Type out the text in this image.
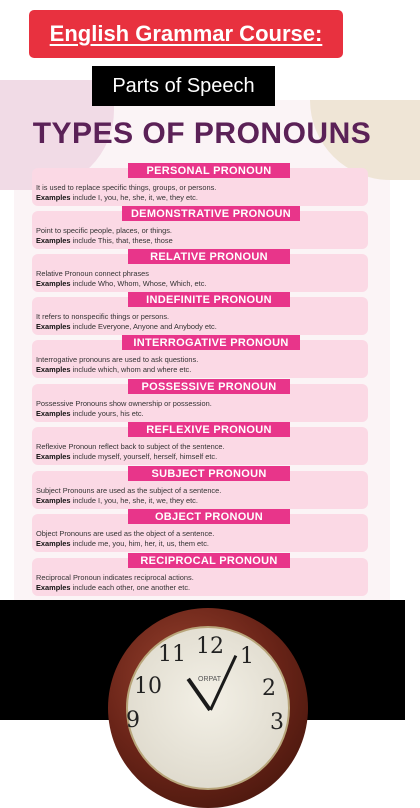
English Grammar Course:
Parts of Speech
TYPES OF PRONOUNS
PERSONAL PRONOUN
It is used to replace specific things, groups, or persons.
Examples include I, you, he, she, it, we, they etc.
DEMONSTRATIVE PRONOUN
Point to specific people, places, or things.
Examples include This, that, these, those
RELATIVE PRONOUN
Relative Pronoun connect phrases
Examples include Who, Whom, Whose, Which, etc.
INDEFINITE PRONOUN
It refers to nonspecific things or persons.
Examples include Everyone, Anyone and Anybody etc.
INTERROGATIVE PRONOUN
Interrogative pronouns are used to ask questions.
Examples include which, whom and where etc.
POSSESSIVE PRONOUN
Possessive Pronouns show ownership or possession.
Examples include yours, his etc.
REFLEXIVE PRONOUN
Reflexive Pronoun reflect back to subject of the sentence.
Examples include myself, yourself, herself, himself etc.
SUBJECT PRONOUN
Subject Pronouns are used as the subject of a sentence.
Examples include I, you, he, she, it, we, they etc.
OBJECT PRONOUN
Object Pronouns are used as the object of a sentence.
Examples include me, you, him, her, it, us, them etc.
RECIPROCAL PRONOUN
Reciprocal Pronoun indicates reciprocal actions.
Examples include each other, one another etc.
12 1
2
11
10
9	3
ORPAT
